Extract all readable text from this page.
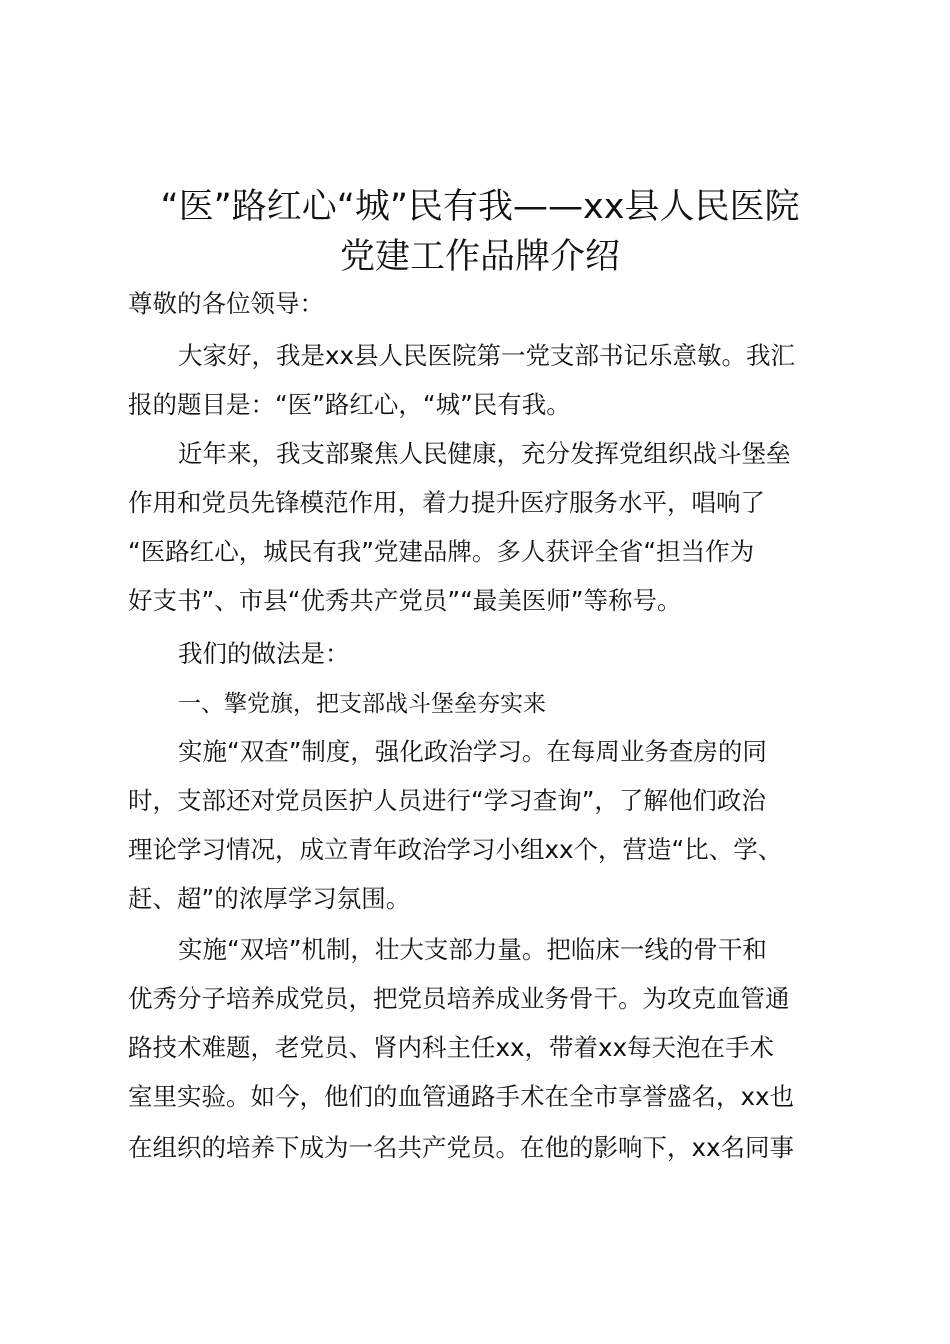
“医”路红心“城”民有我——xx县人民医院
党建工作品牌介绍
尊敬的各位领导：
大家好，我是xx县人民医院第一党支部书记乐意敏。我汇
报的题目是：“医”路红心，“城”民有我。
近年来，我支部聚焦人民健康，充分发挥党组织战斗堡垒
作用和党员先锋模范作用，着力提升医疗服务水平，唱响了
“医路红心，城民有我”党建品牌。多人获评全省“担当作为
好支书”、市县“优秀共产党员”“最美医师”等称号。
我们的做法是：
一、擎党旗，把支部战斗堡垒夯实来
实施“双查”制度，强化政治学习。在每周业务查房的同
时，支部还对党员医护人员进行“学习查询”，了解他们政治
理论学习情况，成立青年政治学习小组xx个，营造“比、学、
赶、超”的浓厚学习氛围。
实施“双培”机制，壮大支部力量。把临床一线的骨干和
优秀分子培养成党员，把党员培养成业务骨干。为攻克血管通
路技术难题，老党员、肾内科主任xx，带着xx每天泡在手术
室里实验。如今，他们的血管通路手术在全市享誉盛名，xx也
在组织的培养下成为一名共产党员。在他的影响下，xx名同事
